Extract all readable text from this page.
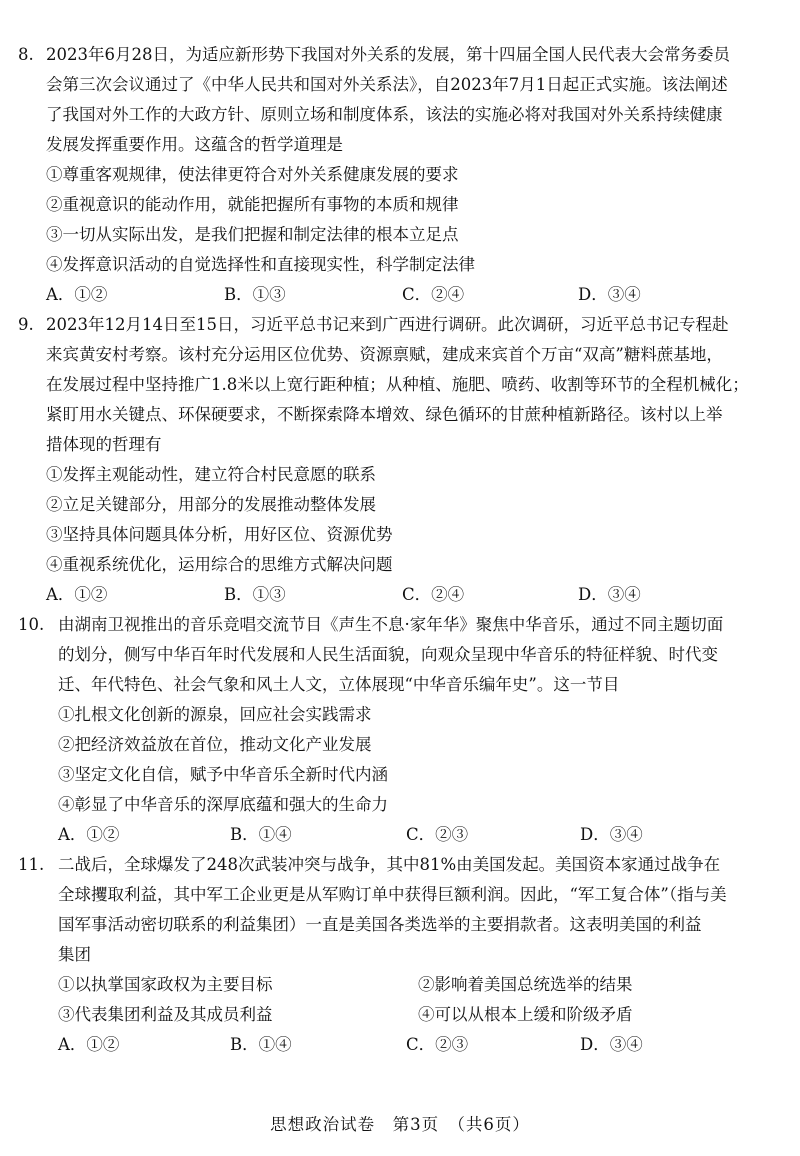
8. 2023年6月28日，为适应新形势下我国对外关系的发展，第十四届全国人民代表大会常务委员
会第三次会议通过了《中华人民共和国对外关系法》，自2023年7月1日起正式实施。该法阐述
了我国对外工作的大政方针、原则立场和制度体系，该法的实施必将对我国对外关系持续健康
发展发挥重要作用。这蕴含的哲学道理是
①尊重客观规律，使法律更符合对外关系健康发展的要求
②重视意识的能动作用，就能把握所有事物的本质和规律
③一切从实际出发，是我们把握和制定法律的根本立足点
④发挥意识活动的自觉选择性和直接现实性，科学制定法律
A．①②	B．①③	C．②④	D．③④
9. 2023年12月14日至15日，习近平总书记来到广西进行调研。此次调研，习近平总书记专程赴
来宾黄安村考察。该村充分运用区位优势、资源禀赋，建成来宾首个万亩“双高”糖料蔗基地，
在发展过程中坚持推广1.8米以上宽行距种植；从种植、施肥、喷药、收割等环节的全程机械化；
紧盯用水关键点、环保硬要求，不断探索降本增效、绿色循环的甘蔗种植新路径。该村以上举
措体现的哲理有
①发挥主观能动性，建立符合村民意愿的联系
②立足关键部分，用部分的发展推动整体发展
③坚持具体问题具体分析，用好区位、资源优势
④重视系统优化，运用综合的思维方式解决问题
A．①②	B．①③	C．②④	D．③④
10. 由湖南卫视推出的音乐竞唱交流节目《声生不息·家年华》聚焦中华音乐，通过不同主题切面
的划分，侧写中华百年时代发展和人民生活面貌，向观众呈现中华音乐的特征样貌、时代变
迁、年代特色、社会气象和风土人文，立体展现“中华音乐编年史”。这一节目
①扎根文化创新的源泉，回应社会实践需求
②把经济效益放在首位，推动文化产业发展
③坚定文化自信，赋予中华音乐全新时代内涵
④彰显了中华音乐的深厚底蕴和强大的生命力
A．①②	B．①④	C．②③	D．③④
11. 二战后，全球爆发了248次武装冲突与战争，其中81%由美国发起。美国资本家通过战争在
全球攫取利益，其中军工企业更是从军购订单中获得巨额利润。因此，“军工复合体”（指与美
国军事活动密切联系的利益集团）一直是美国各类选举的主要捐款者。这表明美国的利益
集团
①以执掌国家政权为主要目标	②影响着美国总统选举的结果
③代表集团利益及其成员利益	④可以从根本上缓和阶级矛盾
A．①②	B．①④	C．②③	D．③④
思想政治试卷　第3页　（共6页）
